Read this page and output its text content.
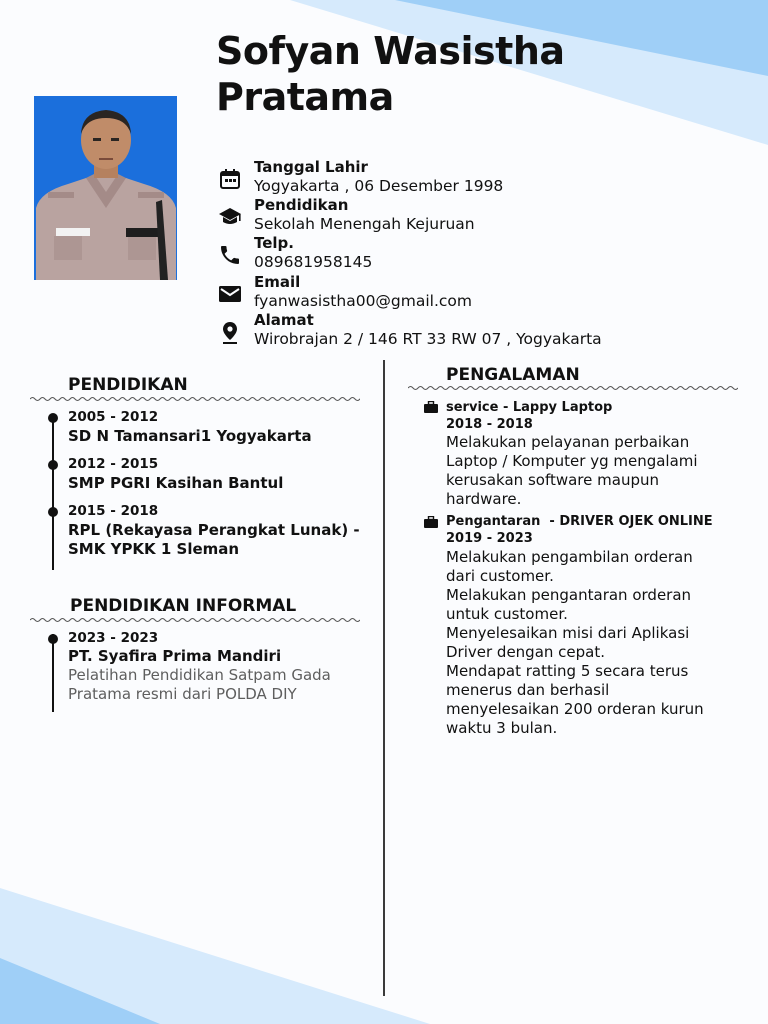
Sofyan Wasistha
Pratama
Tanggal Lahir
Yogyakarta , 06 Desember 1998
Pendidikan
Sekolah Menengah Kejuruan
Telp.
089681958145
Email
fyanwasistha00@gmail.com
Alamat
Wirobrajan 2 / 146 RT 33 RW 07 , Yogyakarta
PENDIDIKAN
2005 - 2012
SD N Tamansari1 Yogyakarta
2012 - 2015
SMP PGRI Kasihan Bantul
2015 - 2018
RPL (Rekayasa Perangkat Lunak) -
SMK YPKK 1 Sleman
PENDIDIKAN INFORMAL
2023 - 2023
PT. Syafira Prima Mandiri
Pelatihan Pendidikan Satpam Gada
Pratama resmi dari POLDA DIY
PENGALAMAN
service - Lappy Laptop
2018 - 2018
Melakukan pelayanan perbaikan
Laptop / Komputer yg mengalami
kerusakan software maupun
hardware.
Pengantaran  - DRIVER OJEK ONLINE
2019 - 2023
Melakukan pengambilan orderan
dari customer.
Melakukan pengantaran orderan
untuk customer.
Menyelesaikan misi dari Aplikasi
Driver dengan cepat.
Mendapat ratting 5 secara terus
menerus dan berhasil
menyelesaikan 200 orderan kurun
waktu 3 bulan.
